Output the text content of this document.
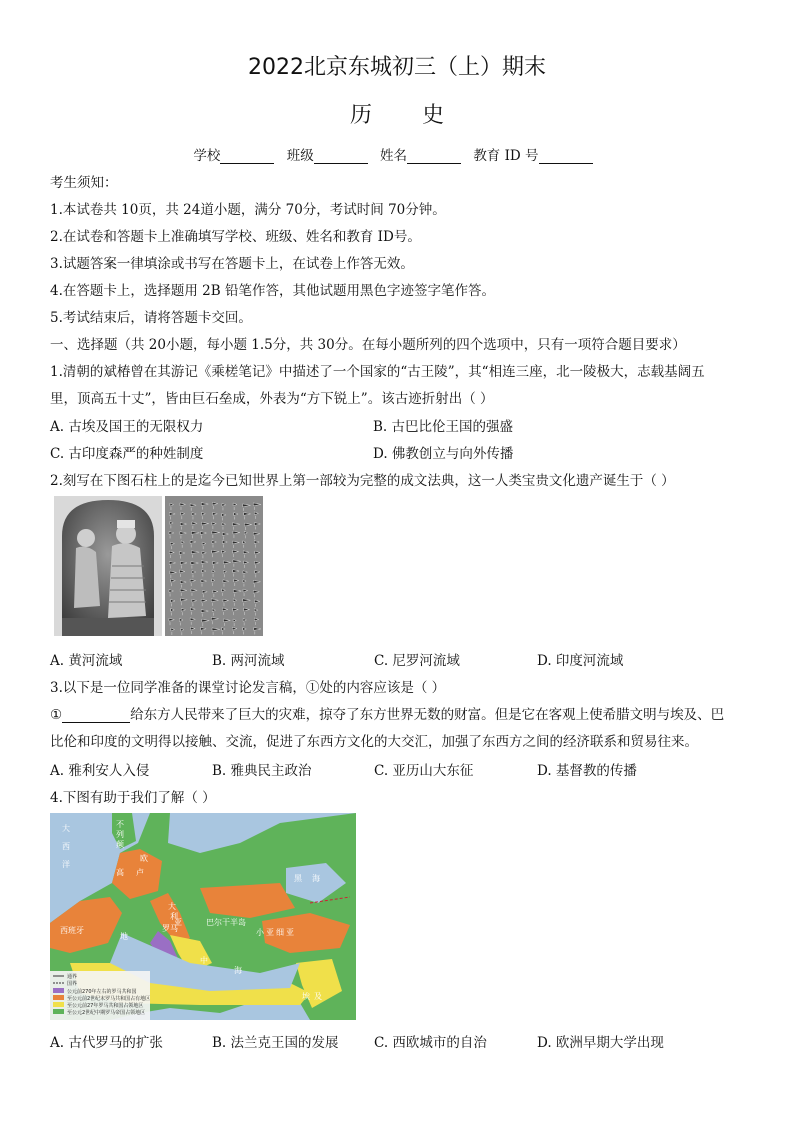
2022北京东城初三（上）期末
历史
学校	班级	姓名	教育 ID 号
考生须知：
1.本试卷共 10页，共 24道小题，满分 70分，考试时间 70分钟。
2.在试卷和答题卡上准确填写学校、班级、姓名和教育 ID号。
3.试题答案一律填涂或书写在答题卡上，在试卷上作答无效。
4.在答题卡上，选择题用 2B 铅笔作答，其他试题用黑色字迹签字笔作答。
5.考试结束后，请将答题卡交回。
一、选择题（共 20小题，每小题 1.5分，共 30分。在每小题所列的四个选项中，只有一项符合题目要求）
1.清朝的斌椿曾在其游记《乘槎笔记》中描述了一个国家的“古王陵”，其“相连三座，北一陵极大，志载基阔五
里，顶高五十丈”，皆由巨石垒成，外表为“方下锐上”。该古迹折射出（ ）
A. 古埃及国王的无限权力	B. 古巴比伦王国的强盛
C. 古印度森严的种姓制度	D. 佛教创立与向外传播
2.刻写在下图石柱上的是迄今已知世界上第一部较为完整的成文法典，这一人类宝贵文化遗产诞生于（ ）
A. 黄河流域	B. 两河流域	C. 尼罗河流域	D. 印度河流域
3.以下是一位同学准备的课堂讨论发言稿，①处的内容应该是（ ）
①	给东方人民带来了巨大的灾难，掠夺了东方世界无数的财富。但是它在客观上使希腊文明与埃及、巴
比伦和印度的文明得以接触、交流，促进了东西方文化的大交汇，加强了东西方之间的经济联系和贸易往来。
A. 雅利安人入侵	B. 雅典民主政治	C. 亚历山大东征	D. 基督教的传播
4.下图有助于我们了解（ ）
大
西
洋
不
列
颠
欧
高 卢
西班牙	罗马	小 亚 细 亚
地
中
海
黑 海
埃 及
大
利
亚	巴尔干半岛
通界
国界
公元前270年左右的罗马共和国
至公元前2世纪末罗马共和国占有地区
至公元前27年罗马共和国占领地区
至公元2世纪中期罗马帝国占领地区
A. 古代罗马的扩张	B. 法兰克王国的发展	C. 西欧城市的自治	D. 欧洲早期大学出现
